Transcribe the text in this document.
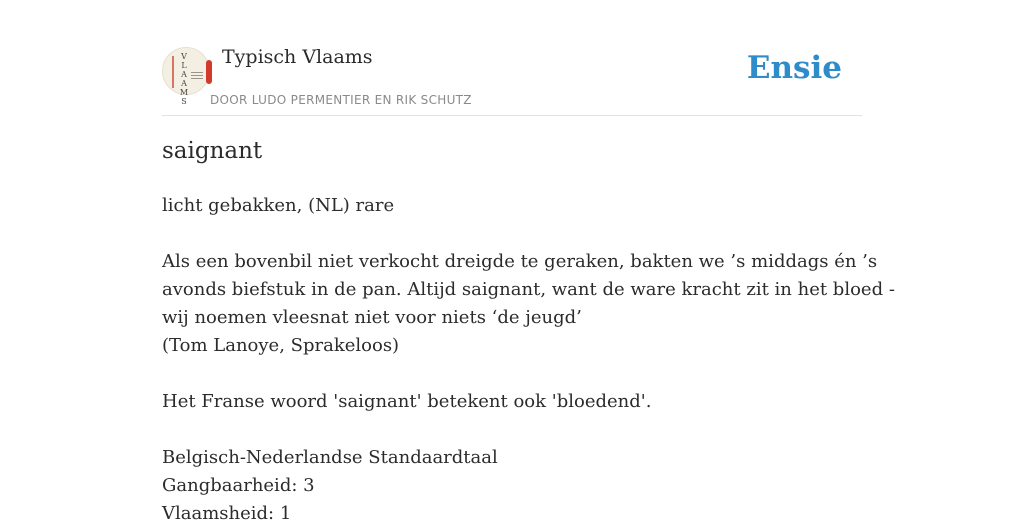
V
L
A
A
M
S
Typisch Vlaams
DOOR LUDO PERMENTIER EN RIK SCHUTZ
Ensie
saignant
licht gebakken, (NL) rare
Als een bovenbil niet verkocht dreigde te geraken, bakten we ’s middags én ’s
avonds biefstuk in de pan. Altijd saignant, want de ware kracht zit in het bloed -
wij noemen vleesnat niet voor niets ‘de jeugd’
(Tom Lanoye, Sprakeloos)
Het Franse woord 'saignant' betekent ook 'bloedend'.
Belgisch-Nederlandse Standaardtaal
Gangbaarheid: 3
Vlaamsheid: 1
